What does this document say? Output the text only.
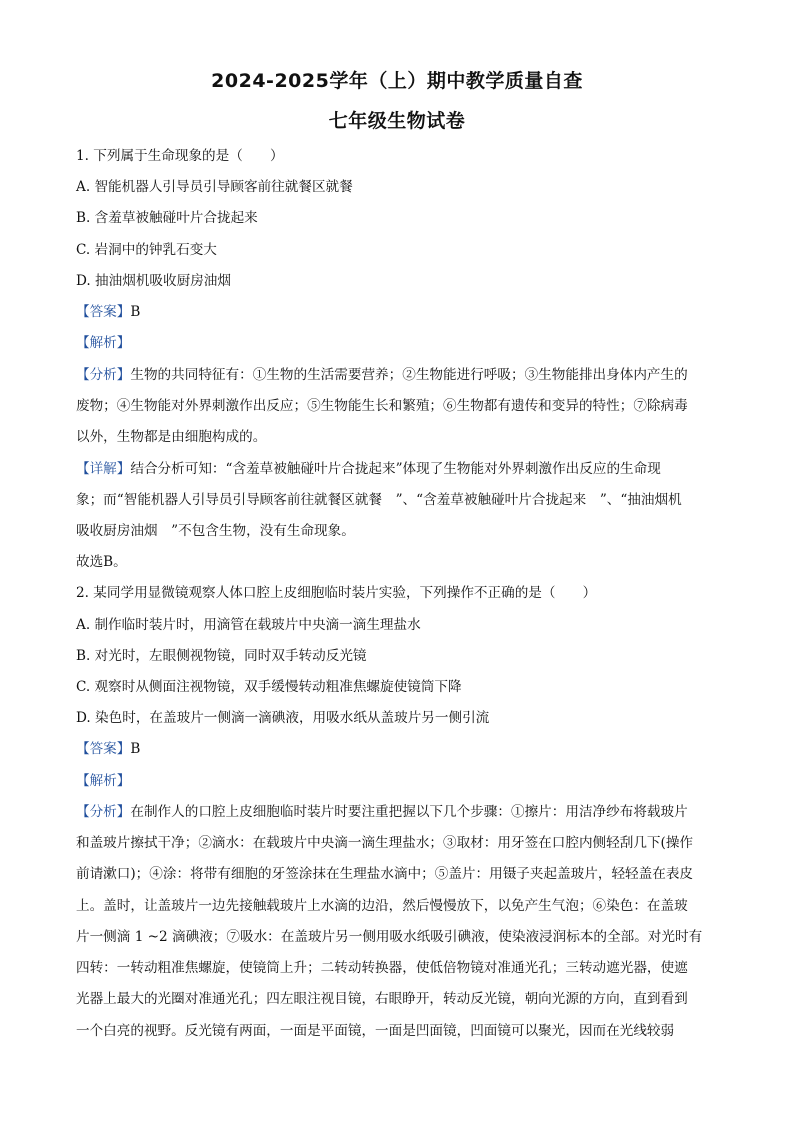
2024-2025学年（上）期中教学质量自查
七年级生物试卷
1. 下列属于生命现象的是（　　）
A. 智能机器人引导员引导顾客前往就餐区就餐
B. 含羞草被触碰叶片合拢起来
C. 岩洞中的钟乳石变大
D. 抽油烟机吸收厨房油烟
【答案】B
【解析】
【分析】生物的共同特征有：①生物的生活需要营养；②生物能进行呼吸；③生物能排出身体内产生的
废物；④生物能对外界刺激作出反应；⑤生物能生长和繁殖；⑥生物都有遗传和变异的特性；⑦除病毒
以外，生物都是由细胞构成的。
【详解】结合分析可知：“含羞草被触碰叶片合拢起来”体现了生物能对外界刺激作出反应的生命现
象；而“智能机器人引导员引导顾客前往就餐区就餐　”、“含羞草被触碰叶片合拢起来　”、“抽油烟机
吸收厨房油烟　”不包含生物，没有生命现象。
故选B。
2. 某同学用显微镜观察人体口腔上皮细胞临时装片实验，下列操作不正确的是（　　）
A. 制作临时装片时，用滴管在载玻片中央滴一滴生理盐水
B. 对光时，左眼侧视物镜，同时双手转动反光镜
C. 观察时从侧面注视物镜，双手缓慢转动粗准焦螺旋使镜筒下降
D. 染色时，在盖玻片一侧滴一滴碘液，用吸水纸从盖玻片另一侧引流
【答案】B
【解析】
【分析】在制作人的口腔上皮细胞临时装片时要注重把握以下几个步骤：①擦片：用洁净纱布将载玻片
和盖玻片擦拭干净；②滴水：在载玻片中央滴一滴生理盐水；③取材：用牙签在口腔内侧轻刮几下(操作
前请漱口)；④涂：将带有细胞的牙签涂抹在生理盐水滴中；⑤盖片：用镊子夹起盖玻片，轻轻盖在表皮
上。盖时，让盖玻片一边先接触载玻片上水滴的边沿，然后慢慢放下，以免产生气泡；⑥染色：在盖玻
片一侧滴 1 ~2 滴碘液；⑦吸水：在盖玻片另一侧用吸水纸吸引碘液，使染液浸润标本的全部。对光时有
四转：一转动粗准焦螺旋，使镜筒上升；二转动转换器，使低倍物镜对准通光孔；三转动遮光器，使遮
光器上最大的光圈对准通光孔；四左眼注视目镜，右眼睁开，转动反光镜，朝向光源的方向，直到看到
一个白亮的视野。反光镜有两面，一面是平面镜，一面是凹面镜，凹面镜可以聚光，因而在光线较弱
